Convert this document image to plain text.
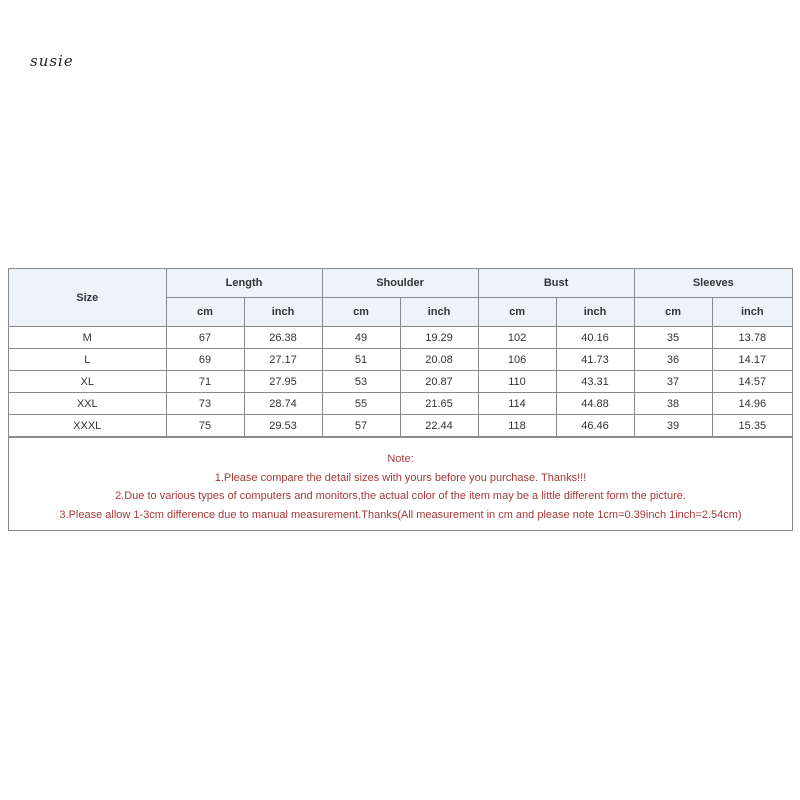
susie
Size	Length		Shoulder		Bust		Sleeves	
	cm	inch	cm	inch	cm	inch	cm	inch
M	67	26.38	49	19.29	102	40.16	35	13.78
L	69	27.17	51	20.08	106	41.73	36	14.17
XL	71	27.95	53	20.87	110	43.31	37	14.57
XXL	73	28.74	55	21.65	114	44.88	38	14.96
XXXL	75	29.53	57	22.44	118	46.46	39	15.35
Note:
1.Please compare the detail sizes with yours before you purchase. Thanks!!!
2.Due to various types of computers and monitors,the actual color of the item may be a little different form the picture.
3.Please allow 1-3cm difference due to manual measurement.Thanks(All measurement in cm and please note 1cm=0.39inch 1inch=2.54cm)
